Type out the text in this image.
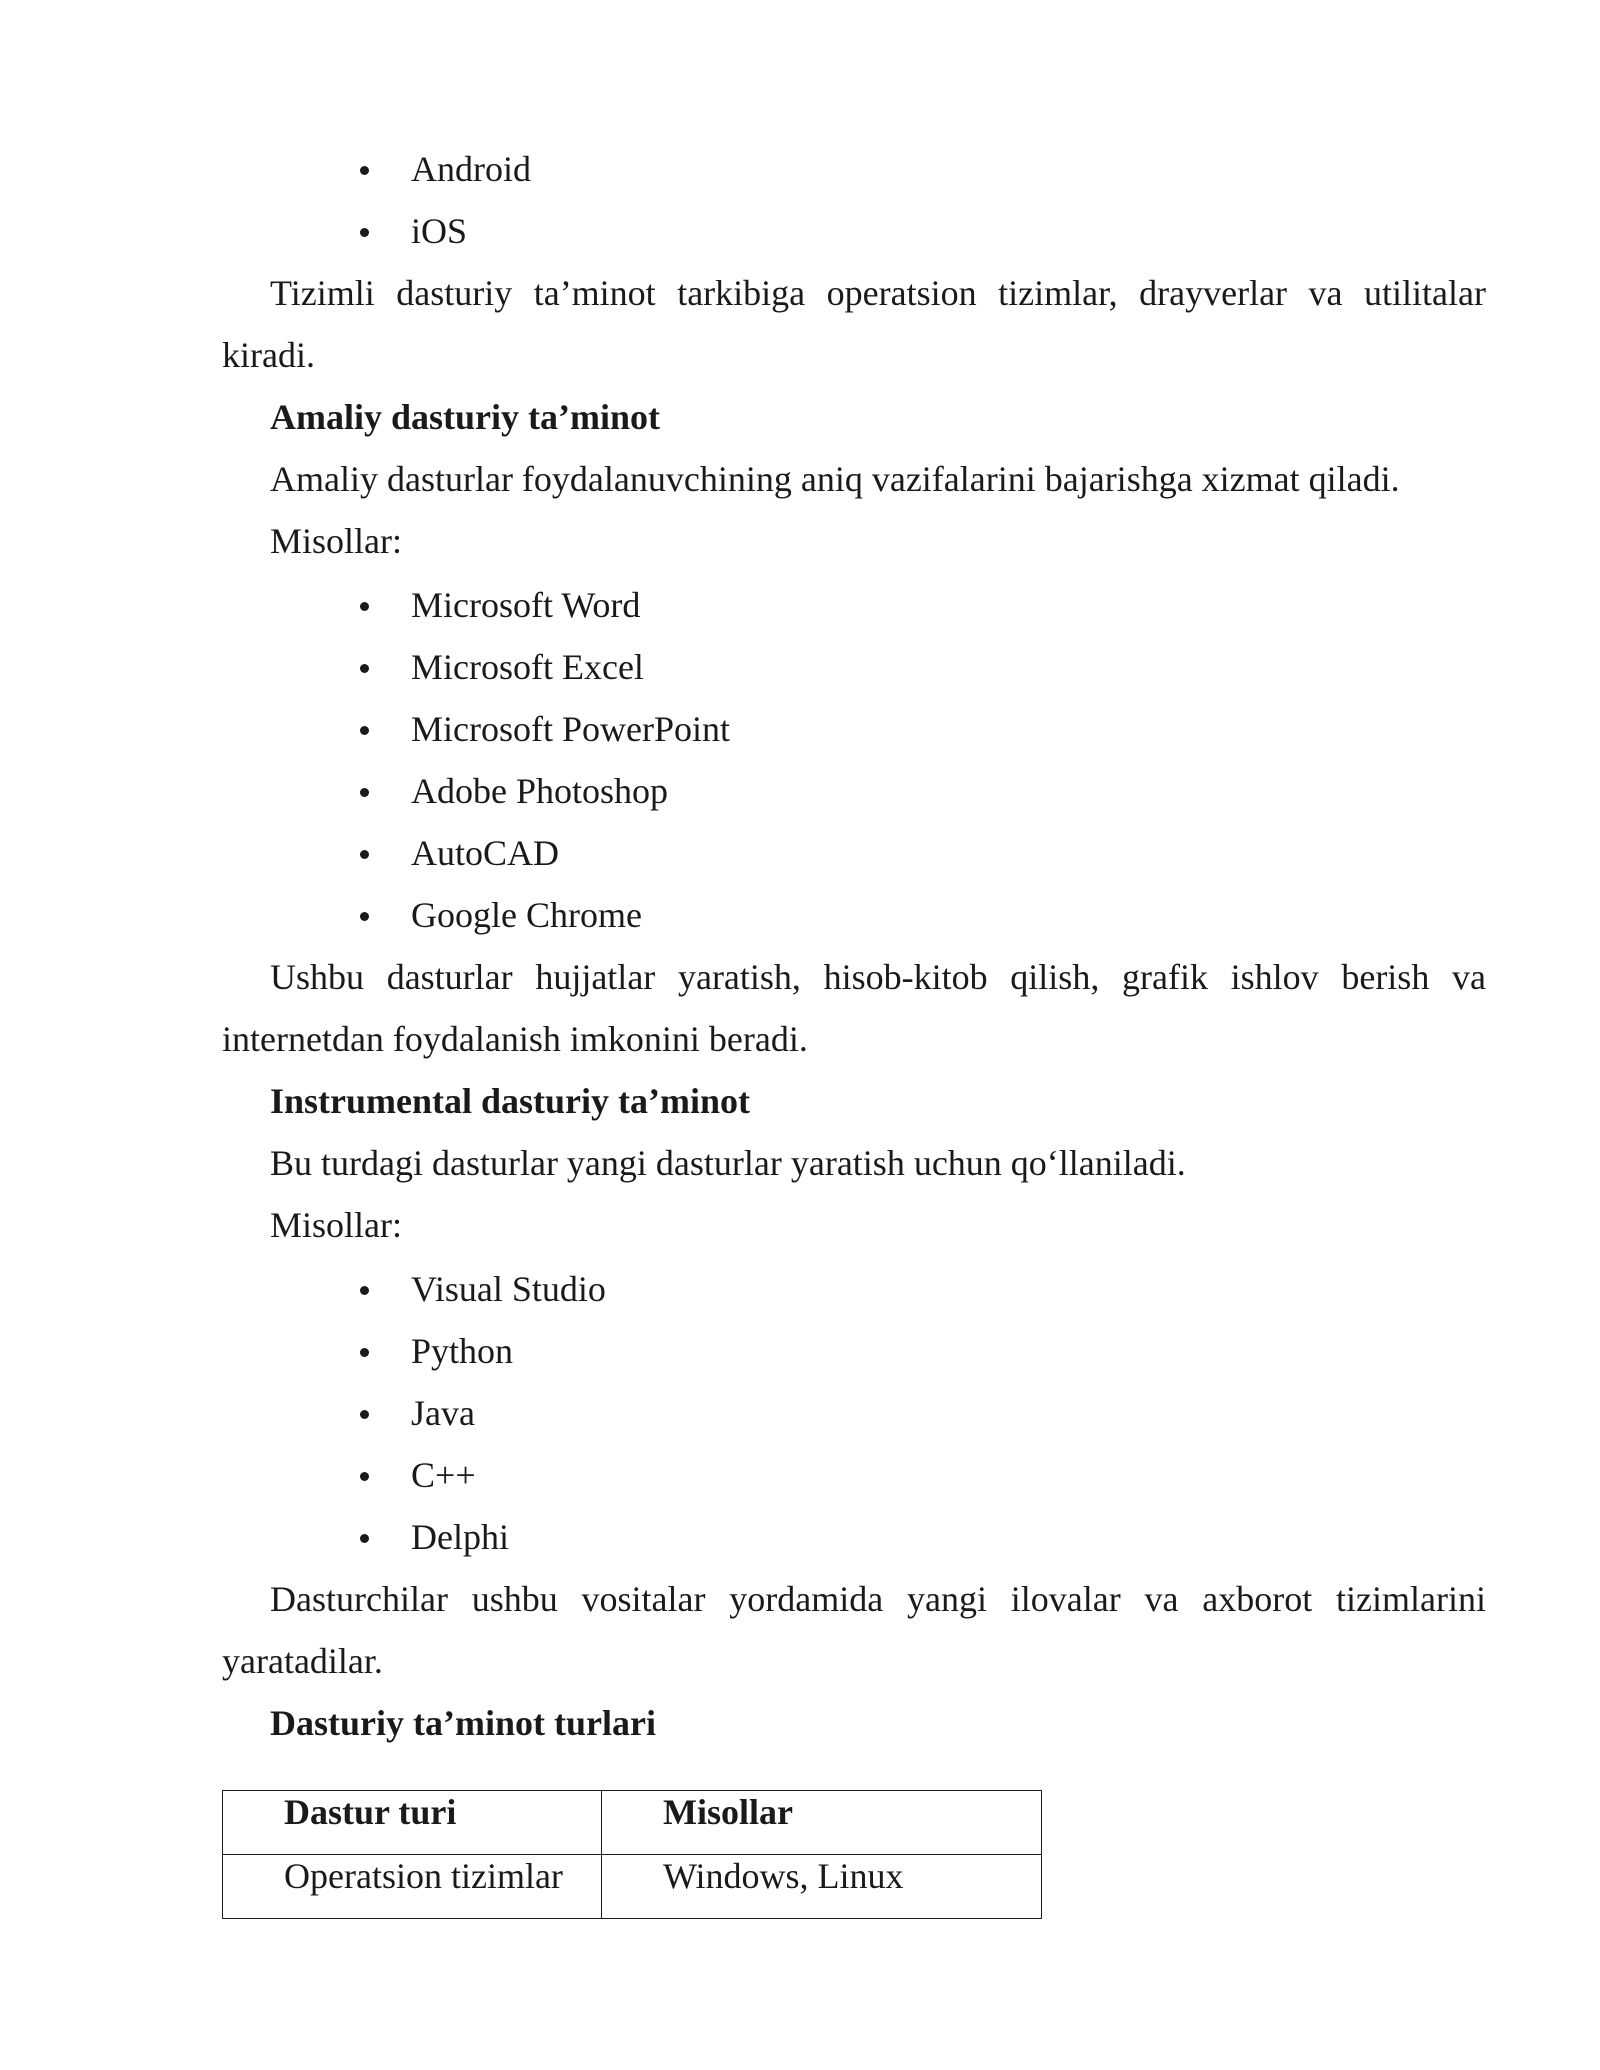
Android
iOS
Tizimli dasturiy ta’minot tarkibiga operatsion tizimlar, drayverlar va utilitalar
kiradi.
Amaliy dasturiy ta’minot
Amaliy dasturlar foydalanuvchining aniq vazifalarini bajarishga xizmat qiladi.
Misollar:
Microsoft Word
Microsoft Excel
Microsoft PowerPoint
Adobe Photoshop
AutoCAD
Google Chrome
Ushbu dasturlar hujjatlar yaratish, hisob-kitob qilish, grafik ishlov berish va
internetdan foydalanish imkonini beradi.
Instrumental dasturiy ta’minot
Bu turdagi dasturlar yangi dasturlar yaratish uchun qo‘llaniladi.
Misollar:
Visual Studio
Python
Java
C++
Delphi
Dasturchilar ushbu vositalar yordamida yangi ilovalar va axborot tizimlarini
yaratadilar.
Dasturiy ta’minot turlari
Dastur turi	Misollar
Operatsion tizimlar	Windows, Linux
